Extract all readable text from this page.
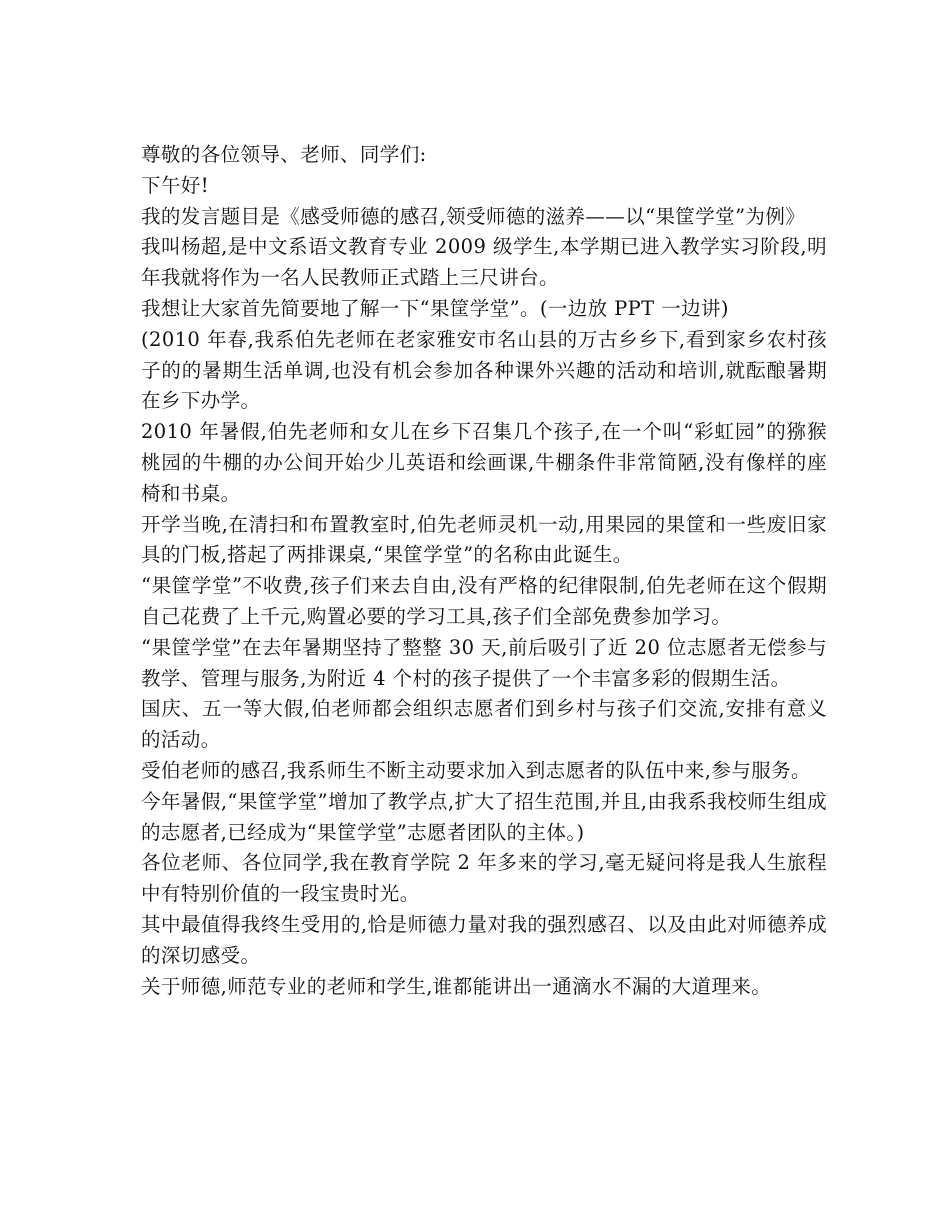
尊敬的各位领导、老师、同学们:

下午好!

我的发言题目是《感受师德的感召,领受师德的滋养——以“果筐学堂”为例》

我叫杨超,是中文系语文教育专业 2009 级学生,本学期已进入教学实习阶段,明年我就将作为一名人民教师正式踏上三尺讲台。

我想让大家首先简要地了解一下“果筐学堂”。(一边放 PPT 一边讲)

(2010 年春,我系伯先老师在老家雅安市名山县的万古乡乡下,看到家乡农村孩子的的暑期生活单调,也没有机会参加各种课外兴趣的活动和培训,就酝酿暑期在乡下办学。

2010 年暑假,伯先老师和女儿在乡下召集几个孩子,在一个叫“彩虹园”的猕猴桃园的牛棚的办公间开始少儿英语和绘画课,牛棚条件非常简陋,没有像样的座椅和书桌。

开学当晚,在清扫和布置教室时,伯先老师灵机一动,用果园的果筐和一些废旧家具的门板,搭起了两排课桌,“果筐学堂”的名称由此诞生。

“果筐学堂”不收费,孩子们来去自由,没有严格的纪律限制,伯先老师在这个假期自己花费了上千元,购置必要的学习工具,孩子们全部免费参加学习。

“果筐学堂”在去年暑期坚持了整整 30 天,前后吸引了近 20 位志愿者无偿参与教学、管理与服务,为附近 4 个村的孩子提供了一个丰富多彩的假期生活。

国庆、五一等大假,伯老师都会组织志愿者们到乡村与孩子们交流,安排有意义的活动。

受伯老师的感召,我系师生不断主动要求加入到志愿者的队伍中来,参与服务。

今年暑假,“果筐学堂”增加了教学点,扩大了招生范围,并且,由我系我校师生组成的志愿者,已经成为“果筐学堂”志愿者团队的主体。)

各位老师、各位同学,我在教育学院 2 年多来的学习,毫无疑问将是我人生旅程中有特别价值的一段宝贵时光。

其中最值得我终生受用的,恰是师德力量对我的强烈感召、以及由此对师德养成的深切感受。

关于师德,师范专业的老师和学生,谁都能讲出一通滴水不漏的大道理来。
